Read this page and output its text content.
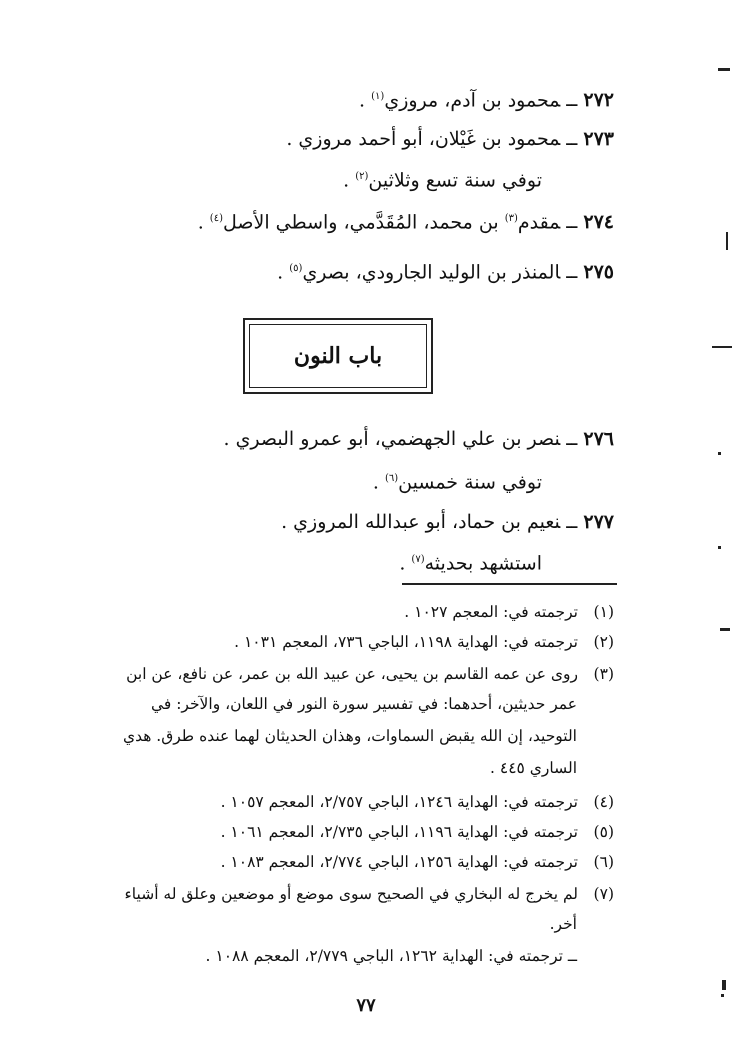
٢٧٢ــمحمود بن آدم، مروزي$^{(١)}$ .
٢٧٣ــمحمود بن غَيْلان، أبو أحمد مروزي .
توفي سنة تسع وثلاثين$^{(٢)}$ .
٢٧٤ــمقدم$^{(٣)}$ بن محمد، المُقَدَّمي، واسطي الأصل$^{(٤)}$ .
٢٧٥ــالمنذر بن الوليد الجارودي، بصري$^{(٥)}$ .
باب النون
٢٧٦ــنصر بن علي الجهضمي، أبو عمرو البصري .
توفي سنة خمسين$^{(٦)}$ .
٢٧٧ــنعيم بن حماد، أبو عبدالله المروزي .
استشهد بحديثه$^{(٧)}$ .
(١)ترجمته في: المعجم ١٠٢٧ .
(٢)ترجمته في: الهداية ١١٩٨، الباجي ٧٣٦، المعجم ١٠٣١ .
(٣)روى عن عمه القاسم بن يحيى، عن عبيد الله بن عمر، عن نافع، عن ابن
عمر حديثين، أحدهما: في تفسير سورة النور في اللعان، والآخر: في
التوحيد، إن الله يقبض السماوات، وهذان الحديثان لهما عنده طرق. هدي
الساري ٤٤٥ .
(٤)ترجمته في: الهداية ١٢٤٦، الباجي ٢/٧٥٧، المعجم ١٠٥٧ .
(٥)ترجمته في: الهداية ١١٩٦، الباجي ٢/٧٣٥، المعجم ١٠٦١ .
(٦)ترجمته في: الهداية ١٢٥٦، الباجي ٢/٧٧٤، المعجم ١٠٨٣ .
(٧)لم يخرج له البخاري في الصحيح سوى موضع أو موضعين وعلق له أشياء
أخر.
ــ ترجمته في: الهداية ١٢٦٢، الباجي ٢/٧٧٩، المعجم ١٠٨٨ .
٧٧
